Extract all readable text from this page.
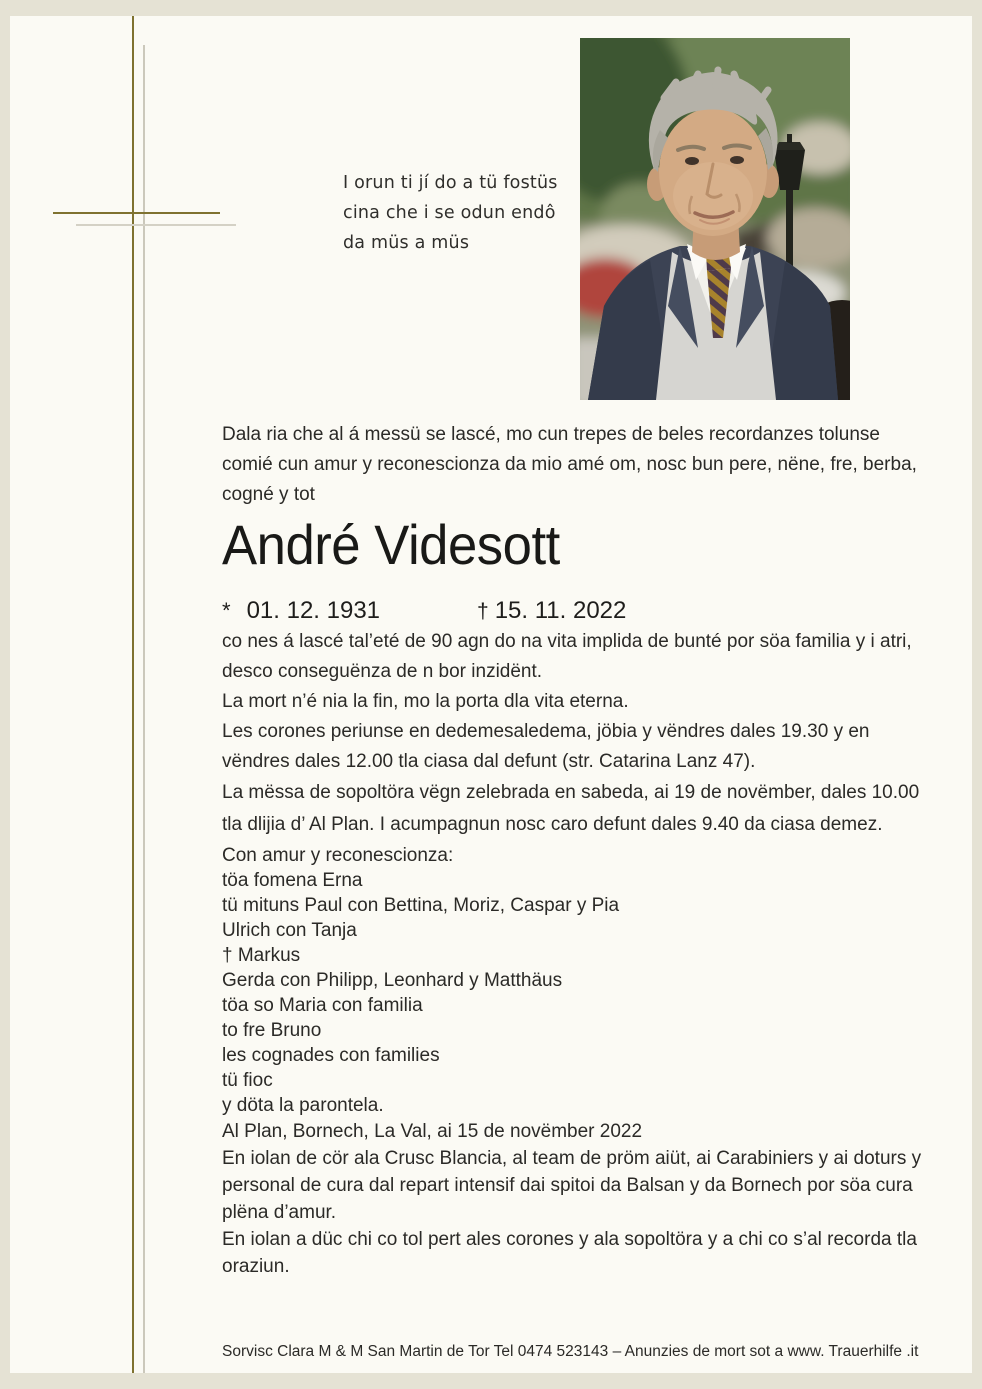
I orun ti jí do a tü fostüs
cina che i se odun endô
da müs a müs

Dala ria che al á messü se lascé, mo cun trepes de beles recordanzes tolunse comié cun amur y reconescionza da mio amé om, nosc bun pere, nëne, fre, berba, cogné y tot

André Videsott
* 01. 12. 1931	† 15. 11. 2022

co nes á lascé tal’eté de 90 agn do na vita implida de bunté por söa familia y i atri, desco conseguënza de n bor inzidënt.

La mort n’é nia la fin, mo la porta dla vita eterna.

Les corones periunse en dedemesaledema, jöbia y vëndres dales 19.30 y en vëndres dales 12.00 tla ciasa dal defunt (str. Catarina Lanz 47).

La mëssa de sopoltöra vëgn zelebrada en sabeda, ai 19 de novëmber, dales 10.00 tla dlijia d’ Al Plan. I acumpagnun nosc caro defunt dales 9.40 da ciasa demez.

Con amur y reconescionza:
töa fomena Erna
tü mituns Paul con Bettina, Moriz, Caspar y Pia
Ulrich con Tanja
† Markus
Gerda con Philipp, Leonhard y Matthäus
töa so Maria con familia
to fre Bruno
les cognades con families
tü fioc
y döta la parontela.

Al Plan, Bornech, La Val, ai 15 de novëmber 2022

En iolan de cör ala Crusc Blancia, al team de pröm aiüt, ai Carabiniers y ai doturs y personal de cura dal repart intensif dai spitoi da Balsan y da Bornech por söa cura plëna d’amur.

En iolan a düc chi co tol pert ales corones y ala sopoltöra y a chi co s’al recorda tla oraziun.

Sorvisc Clara M & M San Martin de Tor Tel 0474 523143 – Anunzies de mort sot a www. Trauerhilfe .it
